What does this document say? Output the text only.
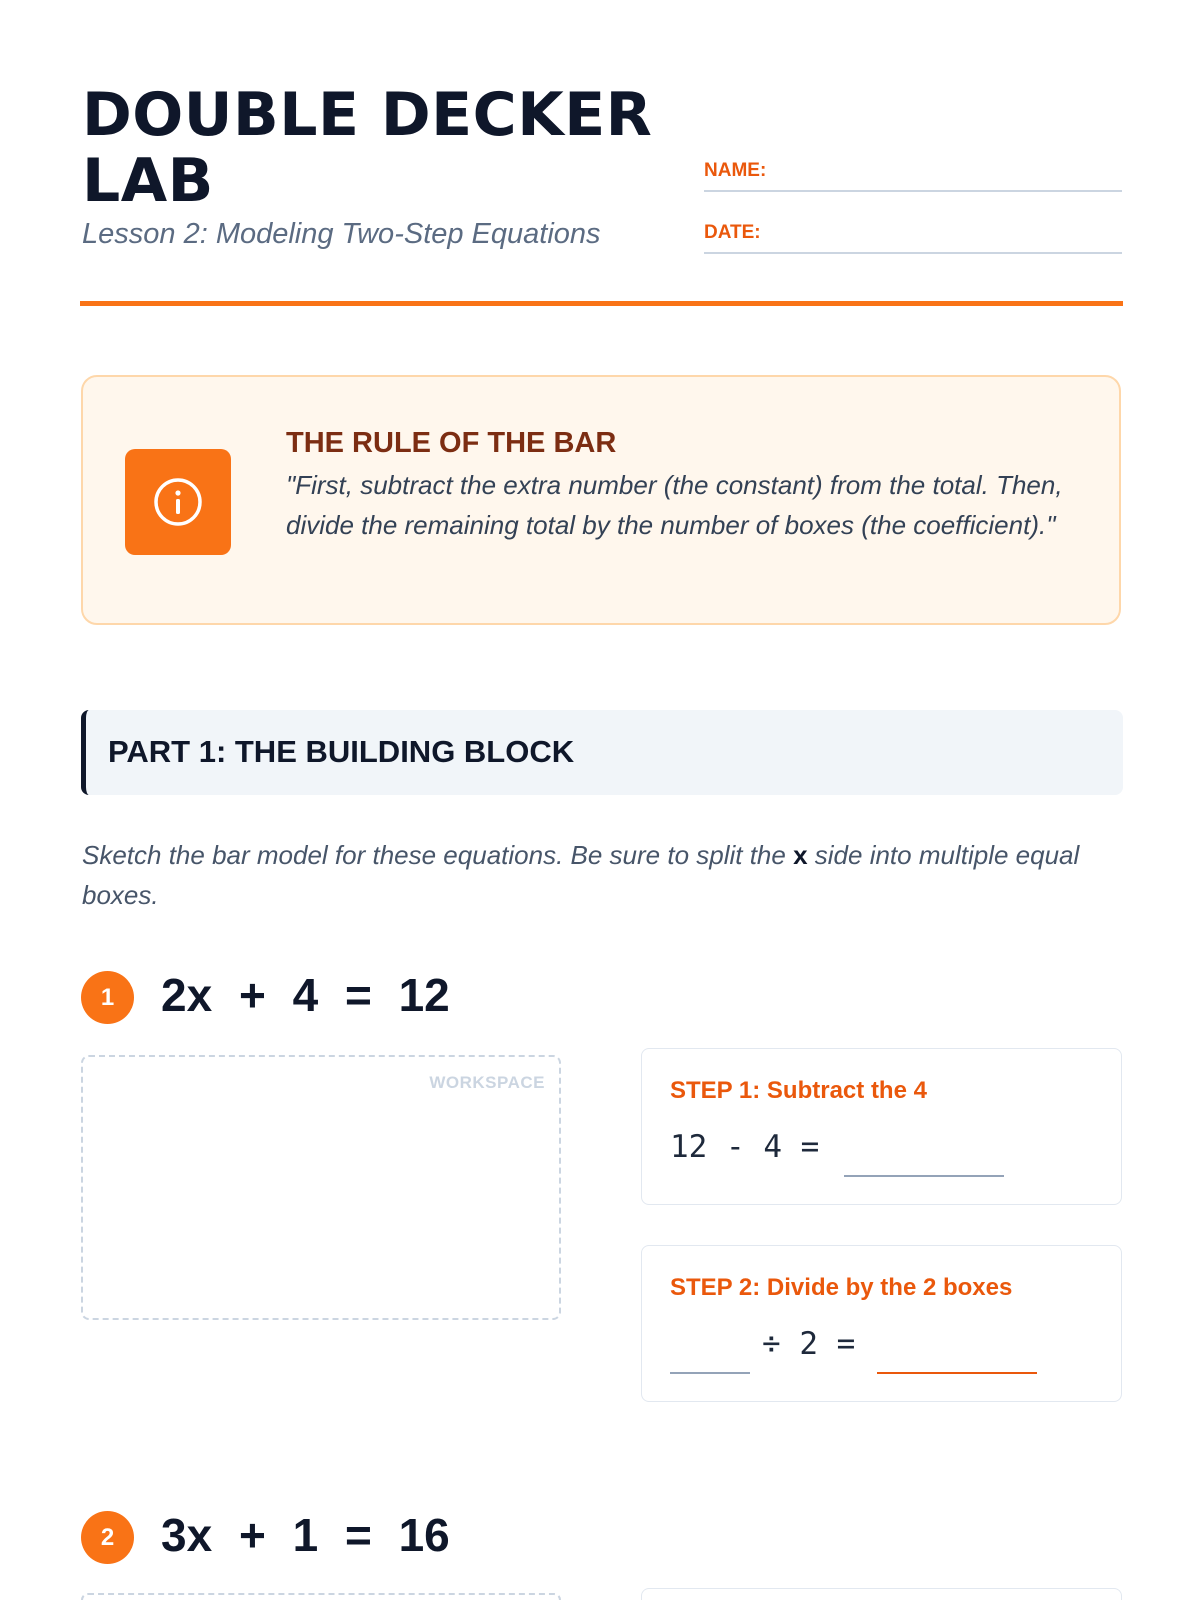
DOUBLE DECKER
LAB
Lesson 2: Modeling Two-Step Equations
NAME:
DATE:
THE RULE OF THE BAR
"First, subtract the extra number (the constant) from the total. Then, divide the remaining total by the number of boxes (the coefficient)."
PART 1: THE BUILDING BLOCK
Sketch the bar model for these equations. Be sure to split the x side into multiple equal boxes.
1	2x + 4 = 12
WORKSPACE	STEP 1: Subtract the 4
12 - 4 =
STEP 2: Divide by the 2 boxes
÷ 2 =
2	3x + 1 = 16
